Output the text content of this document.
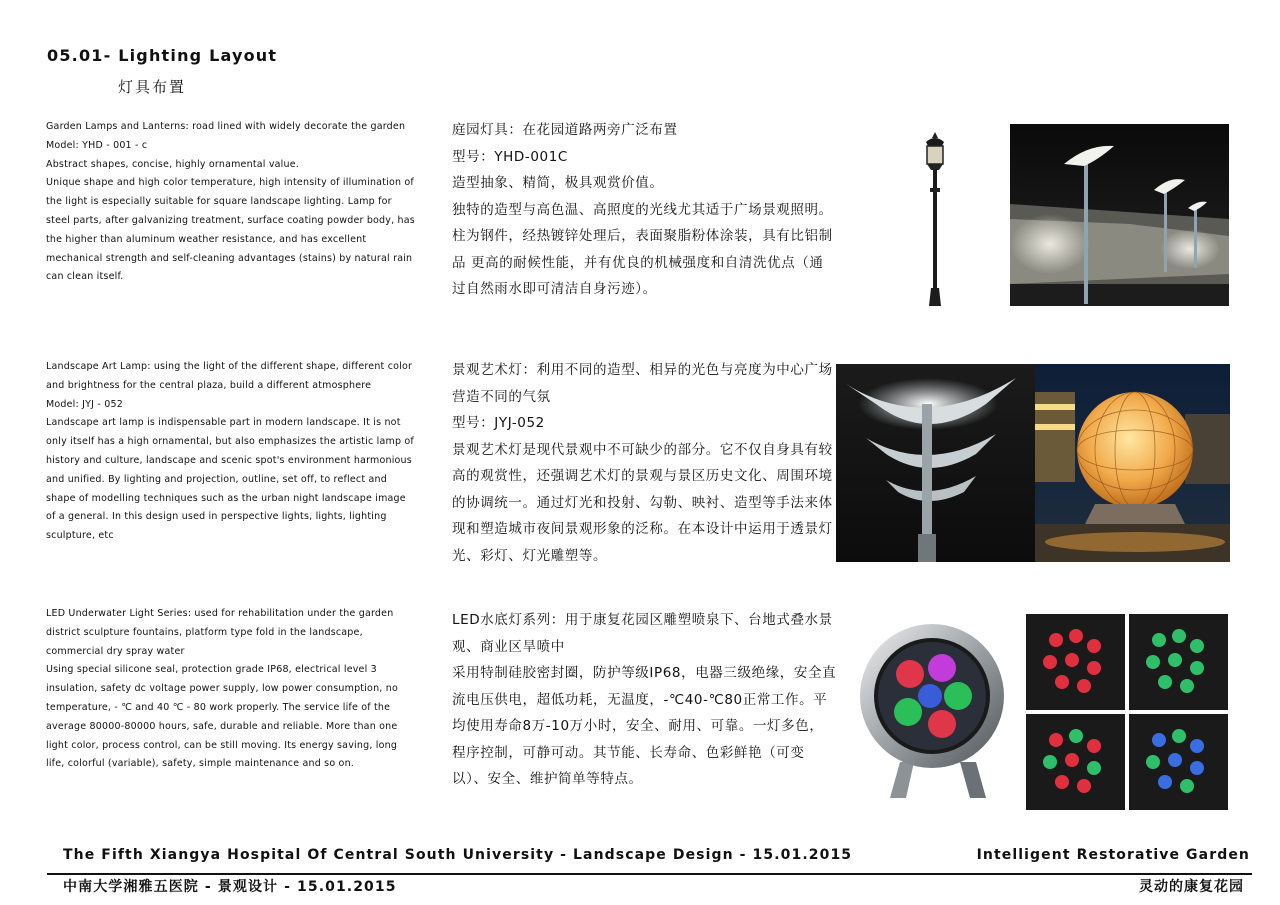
05.01- Lighting Layout
灯具布置
Garden Lamps and Lanterns: road lined with widely decorate the garden
Model: YHD - 001 - c
Abstract shapes, concise, highly ornamental value.
Unique shape and high color temperature, high intensity of illumination of the light is especially suitable for square landscape lighting. Lamp for steel parts, after galvanizing treatment, surface coating powder body, has the higher than aluminum weather resistance, and has excellent mechanical strength and self-cleaning advantages (stains) by natural rain can clean itself.
庭园灯具：在花园道路两旁广泛布置
型号：YHD-001C
造型抽象、精简，极具观赏价值。
独特的造型与高色温、高照度的光线尤其适于广场景观照明。柱为钢件，经热镀锌处理后，表面聚脂粉体涂装，具有比铝制品 更高的耐候性能，并有优良的机械强度和自清洗优点（通过自然雨水即可清洁自身污迹）。
Landscape Art Lamp: using the light of the different shape, different color and brightness for the central plaza, build a different atmosphere
Model: JYJ - 052
Landscape art lamp is indispensable part in modern landscape. It is not only itself has a high ornamental, but also emphasizes the artistic lamp of history and culture, landscape and scenic spot's environment harmonious and unified. By lighting and projection, outline, set off, to reflect and shape of modelling techniques such as the urban night landscape image of a general. In this design used in perspective lights, lights, lighting sculpture, etc
景观艺术灯：利用不同的造型、相异的光色与亮度为中心广场营造不同的气氛
型号：JYJ-052
景观艺术灯是现代景观中不可缺少的部分。它不仅自身具有较高的观赏性，还强调艺术灯的景观与景区历史文化、周围环境的协调统一。通过灯光和投射、勾勒、映衬、造型等手法来体现和塑造城市夜间景观形象的泛称。在本设计中运用于透景灯光、彩灯、灯光雕塑等。
LED Underwater Light Series: used for rehabilitation under the garden district sculpture fountains, platform type fold in the landscape, commercial dry spray water
Using special silicone seal, protection grade IP68, electrical level 3 insulation, safety dc voltage power supply, low power consumption, no temperature, - ℃ and 40 ℃ - 80 work properly. The service life of the average 80000-80000 hours, safe, durable and reliable. More than one light color, process control, can be still moving. Its energy saving, long life, colorful (variable), safety, simple maintenance and so on.
LED水底灯系列：用于康复花园区雕塑喷泉下、台地式叠水景观、商业区旱喷中
采用特制硅胶密封圈，防护等级IP68，电器三级绝缘，安全直流电压供电，超低功耗，无温度，-℃40-℃80正常工作。平均使用寿命8万-10万小时，安全、耐用、可靠。一灯多色，程序控制，可静可动。其节能、长寿命、色彩鲜艳（可变以）、安全、维护简单等特点。
The Fifth Xiangya Hospital Of Central South University - Landscape Design - 15.01.2015	Intelligent Restorative Garden
中南大学湘雅五医院 - 景观设计 - 15.01.2015	灵动的康复花园
